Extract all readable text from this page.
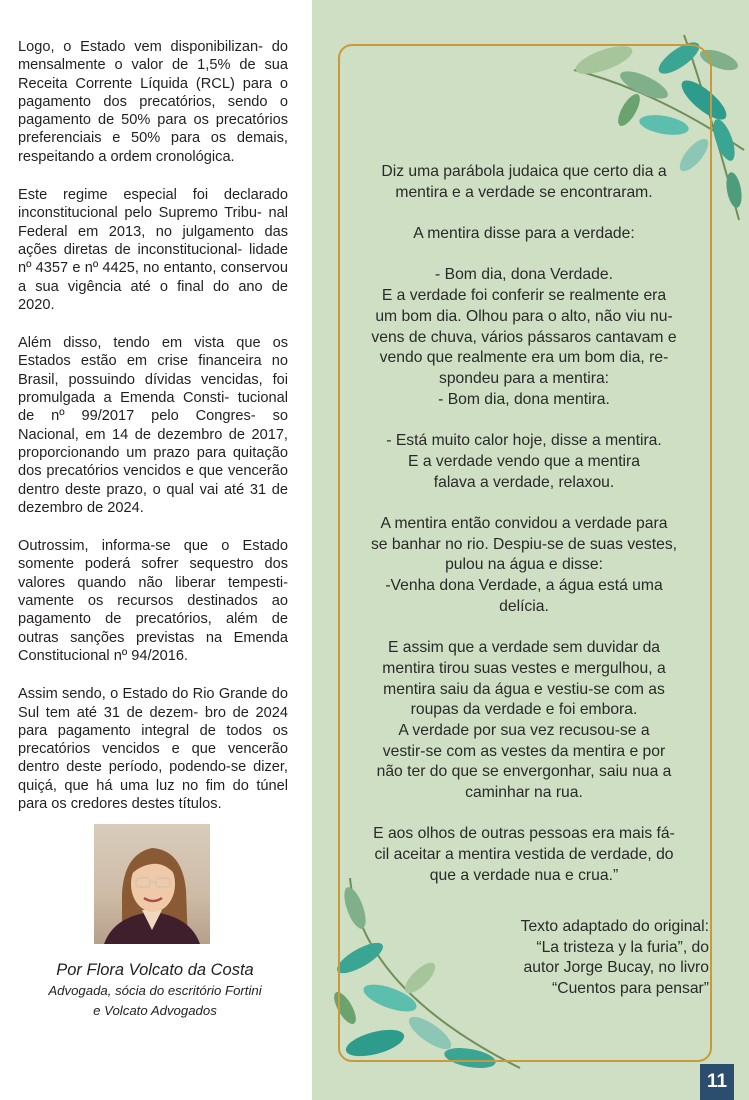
Logo, o Estado vem disponibilizan- do mensalmente o valor de 1,5% de sua Receita Corrente Líquida (RCL) para o pagamento dos precatórios, sendo o pagamento de 50% para os precatórios preferenciais e 50% para os demais, respeitando a ordem cronológica.
Este regime especial foi declarado inconstitucional pelo Supremo Tribu- nal Federal em 2013, no julgamento das ações diretas de inconstitucional- lidade nº 4357 e nº 4425, no entanto, conservou a sua vigência até o final do ano de 2020.
Além disso, tendo em vista que os Estados estão em crise financeira no Brasil, possuindo dívidas vencidas, foi promulgada a Emenda Consti- tucional de nº 99/2017 pelo Congres- so Nacional, em 14 de dezembro de 2017, proporcionando um prazo para quitação dos precatórios vencidos e que vencerão dentro deste prazo, o qual vai até 31 de dezembro de 2024.
Outrossim, informa-se que o Estado somente poderá sofrer sequestro dos valores quando não liberar tempesti- vamente os recursos destinados ao pagamento de precatórios, além de outras sanções previstas na Emenda Constitucional nº 94/2016.
Assim sendo, o Estado do Rio Grande do Sul tem até 31 de dezem- bro de 2024 para pagamento integral de todos os precatórios vencidos e que vencerão dentro deste período, podendo-se dizer, quiçá, que há uma luz no fim do túnel para os credores destes títulos.
Por Flora Volcato da Costa
Advogada, sócia do escritório Fortini
e Volcato Advogados
Diz uma parábola judaica que certo dia a
mentira e a verdade se encontraram.
A mentira disse para a verdade:
- Bom dia, dona Verdade.
E a verdade foi conferir se realmente era
um bom dia. Olhou para o alto, não viu nu-
vens de chuva, vários pássaros cantavam e
vendo que realmente era um bom dia, re-
spondeu para a mentira:
- Bom dia, dona mentira.
- Está muito calor hoje, disse a mentira.
E a verdade vendo que a mentira
falava a verdade, relaxou.
A mentira então convidou a verdade para
se banhar no rio. Despiu-se de suas vestes,
pulou na água e disse:
-Venha dona Verdade, a água está uma
delícia.
E assim que a verdade sem duvidar da
mentira tirou suas vestes e mergulhou, a
mentira saiu da água e vestiu-se com as
roupas da verdade e foi embora.
A verdade por sua vez recusou-se a
vestir-se com as vestes da mentira e por
não ter do que se envergonhar, saiu nua a
caminhar na rua.
E aos olhos de outras pessoas era mais fá-
cil aceitar a mentira vestida de verdade, do
que a verdade nua e crua.”
Texto adaptado do original:
“La tristeza y la furia”, do
autor Jorge Bucay, no livro
“Cuentos para pensar”
11
